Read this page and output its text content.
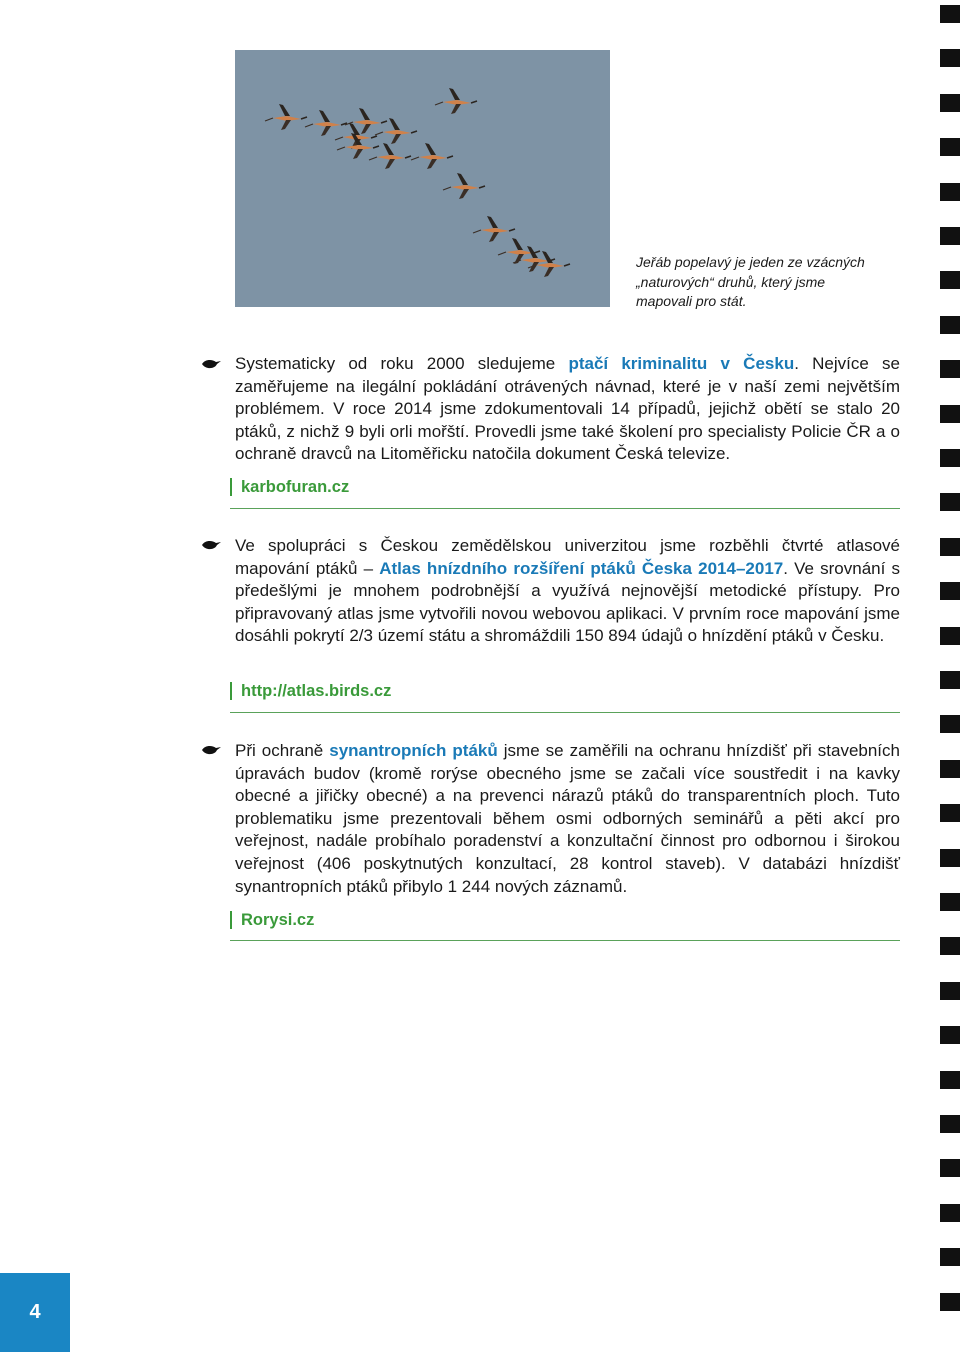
Jeřáb popelavý je jeden ze vzácných
„naturových“ druhů, který jsme
mapovali pro stát.

Systematicky od roku 2000 sledujeme ptačí kriminalitu v Česku. Nejvíce se zaměřujeme na ilegální pokládání otrávených návnad, které je v naší zemi největším problémem. V roce 2014 jsme zdokumentovali 14 případů, jejichž obětí se stalo 20 ptáků, z nichž 9 byli orli mořští. Provedli jsme také školení pro specialisty Policie ČR a o ochraně dravců na Litoměřicku natočila dokument Česká televize.

karbofuran.cz

Ve spolupráci s Českou zemědělskou univerzitou jsme rozběhli čtvrté atlasové mapování ptáků – Atlas hnízdního rozšíření ptáků Česka 2014–2017. Ve srovnání s předešlými je mnohem podrobnější a využívá nejnovější metodické přístupy. Pro připravovaný atlas jsme vytvořili novou webovou aplikaci. V prvním roce mapování jsme dosáhli pokrytí 2/3 území státu a shromáždili 150 894 údajů o hnízdění ptáků v Česku.

http://atlas.birds.cz

Při ochraně synantropních ptáků jsme se zaměřili na ochranu hnízdišť při stavebních úpravách budov (kromě rorýse obecného jsme se začali více soustředit i na kavky obecné a jiřičky obecné) a na prevenci nárazů ptáků do transparentních ploch. Tuto problematiku jsme prezentovali během osmi odborných seminářů a pěti akcí pro veřejnost, nadále probíhalo poradenství a konzultační činnost pro odbornou i širokou veřejnost (406 poskytnutých konzultací, 28 kontrol staveb). V databázi hnízdišť synantropních ptáků přibylo 1 244 nových záznamů.

Rorysi.cz
4
